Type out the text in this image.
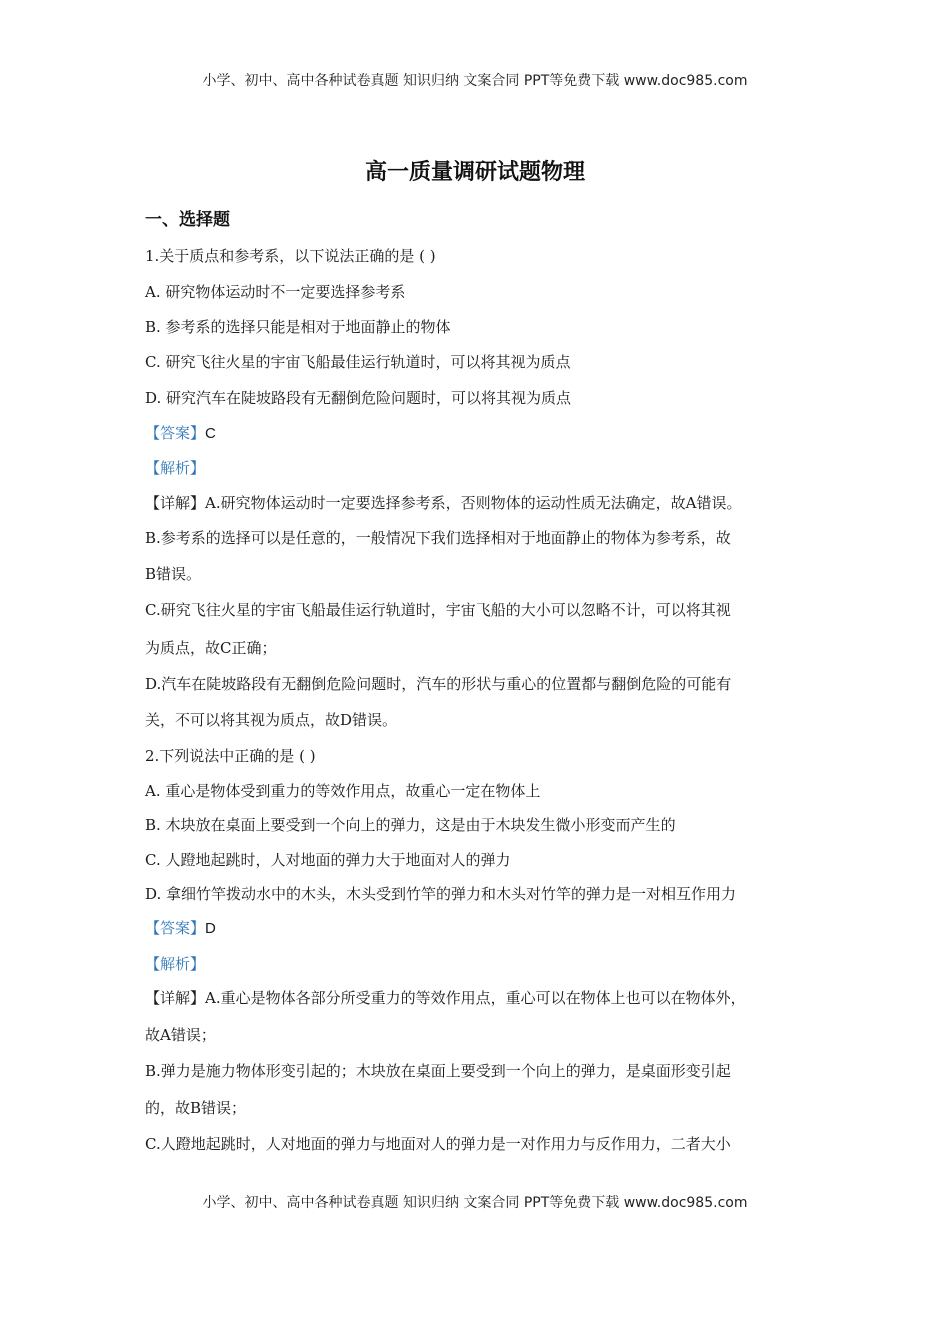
小学、初中、高中各种试卷真题 知识归纳 文案合同 PPT等免费下载 www.doc985.com
高一质量调研试题物理
一、选择题
1.关于质点和参考系，以下说法正确的是 ( )
A. 研究物体运动时不一定要选择参考系
B. 参考系的选择只能是相对于地面静止的物体
C. 研究飞往火星的宇宙飞船最佳运行轨道时，可以将其视为质点
D. 研究汽车在陡坡路段有无翻倒危险问题时，可以将其视为质点
【答案】C
【解析】
【详解】A.研究物体运动时一定要选择参考系，否则物体的运动性质无法确定，故A错误。
B.参考系的选择可以是任意的，一般情况下我们选择相对于地面静止的物体为参考系，故
B错误。
C.研究飞往火星的宇宙飞船最佳运行轨道时，宇宙飞船的大小可以忽略不计，可以将其视
为质点，故C正确；
D.汽车在陡坡路段有无翻倒危险问题时，汽车的形状与重心的位置都与翻倒危险的可能有
关，不可以将其视为质点，故D错误。
2.下列说法中正确的是 ( )
A. 重心是物体受到重力的等效作用点，故重心一定在物体上
B. 木块放在桌面上要受到一个向上的弹力，这是由于木块发生微小形变而产生的
C. 人蹬地起跳时，人对地面的弹力大于地面对人的弹力
D. 拿细竹竿拨动水中的木头，木头受到竹竿的弹力和木头对竹竿的弹力是一对相互作用力
【答案】D
【解析】
【详解】A.重心是物体各部分所受重力的等效作用点，重心可以在物体上也可以在物体外，
故A错误；
B.弹力是施力物体形变引起的；木块放在桌面上要受到一个向上的弹力，是桌面形变引起
的，故B错误；
C.人蹬地起跳时，人对地面的弹力与地面对人的弹力是一对作用力与反作用力，二者大小
小学、初中、高中各种试卷真题 知识归纳 文案合同 PPT等免费下载 www.doc985.com
